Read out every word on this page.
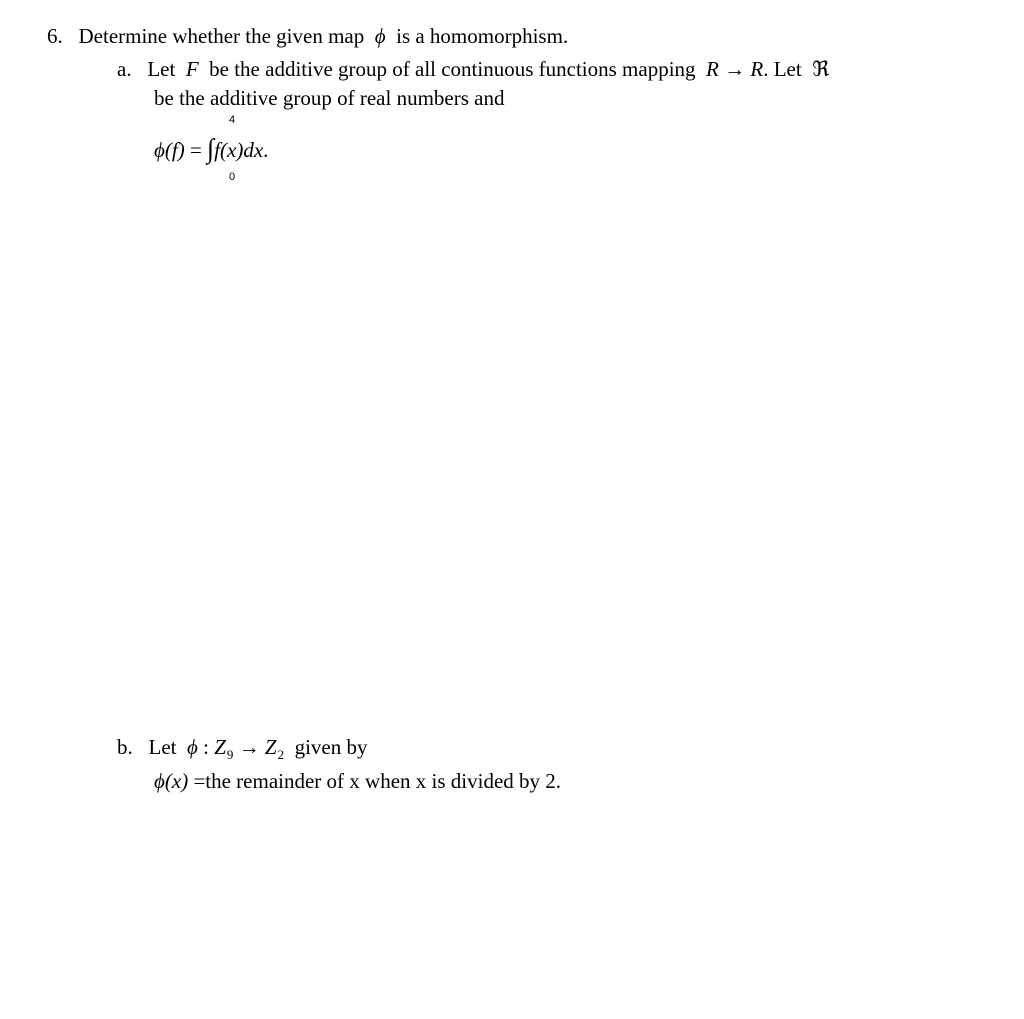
6. Determine whether the given map ϕ is a homomorphism.
a. Let F be the additive group of all continuous functions mapping R → R. Let ℜ
be the additive group of real numbers and
ϕ(f) = ∫f(x)dx.
4
0
b. Let ϕ : $Z_9 \to Z_2$ given by
ϕ(x) =the remainder of x when x is divided by 2.
